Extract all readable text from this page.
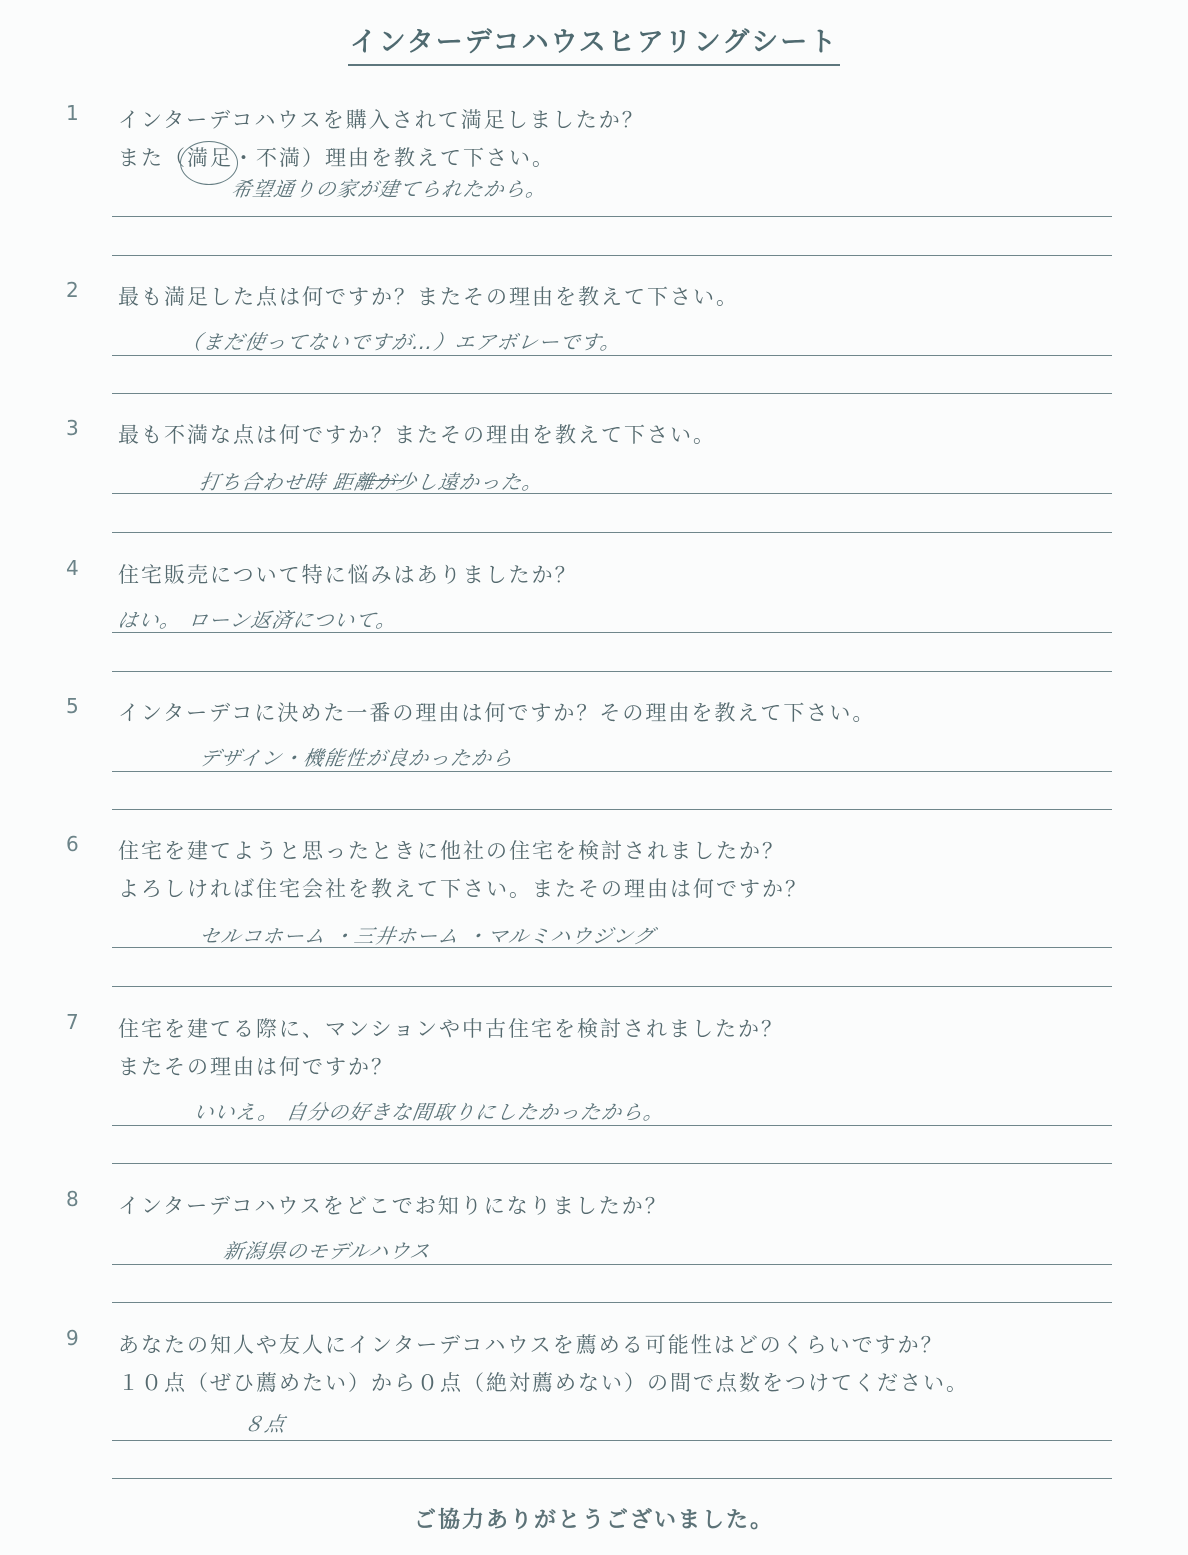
インターデコハウスヒアリングシート
1	インターデコハウスを購入されて満足しましたか？
また（満足・不満）理由を教えて下さい。
希望通りの家が建てられたから。
2	最も満足した点は何ですか？またその理由を教えて下さい。
（まだ使ってないですが…）エアボレーです。
3	最も不満な点は何ですか？またその理由を教えて下さい。
打ち合わせ時 距離が少し遠かった。
4	住宅販売について特に悩みはありましたか？
はい。 ローン返済について。
5	インターデコに決めた一番の理由は何ですか？その理由を教えて下さい。
デザイン・機能性が良かったから
6	住宅を建てようと思ったときに他社の住宅を検討されましたか？
よろしければ住宅会社を教えて下さい。またその理由は何ですか？
セルコホーム ・三井ホーム ・マルミハウジング
7	住宅を建てる際に、マンションや中古住宅を検討されましたか？
またその理由は何ですか？
いいえ。 自分の好きな間取りにしたかったから。
8	インターデコハウスをどこでお知りになりましたか？
新潟県のモデルハウス
9	あなたの知人や友人にインターデコハウスを薦める可能性はどのくらいですか？
１０点（ぜひ薦めたい）から０点（絶対薦めない）の間で点数をつけてください。
８点
ご協力ありがとうございました。
